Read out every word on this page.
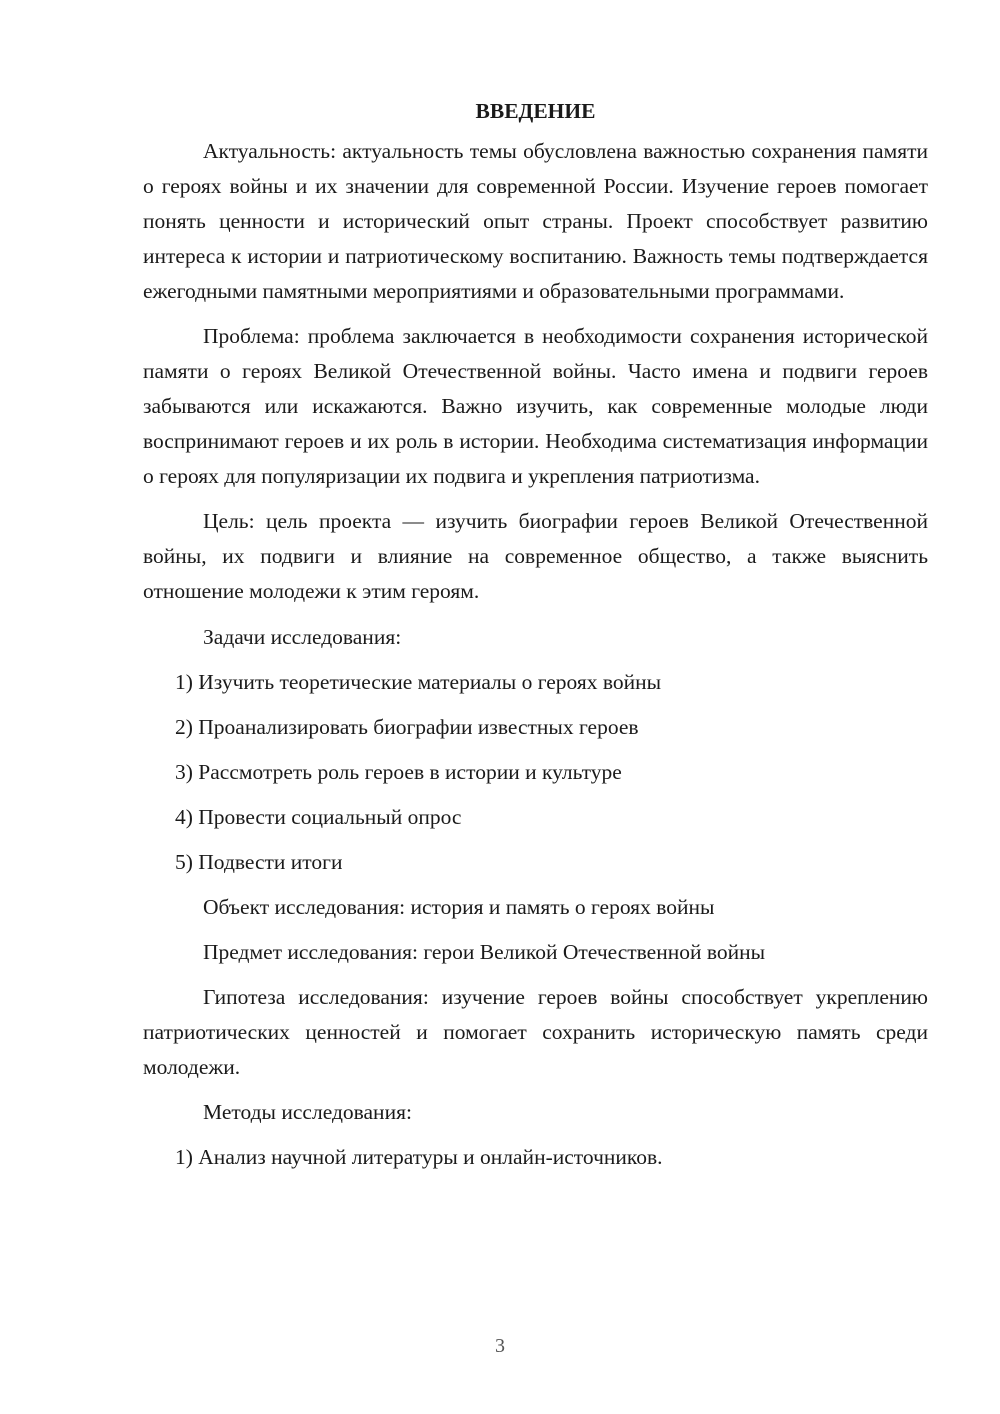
ВВЕДЕНИЕ

Актуальность: актуальность темы обусловлена важностью сохранения памяти о героях войны и их значении для современной России. Изучение героев помогает понять ценности и исторический опыт страны. Проект способствует развитию интереса к истории и патриотическому воспитанию. Важность темы подтверждается ежегодными памятными мероприятиями и образовательными программами.

Проблема: проблема заключается в необходимости сохранения исторической памяти о героях Великой Отечественной войны. Часто имена и подвиги героев забываются или искажаются. Важно изучить, как современные молодые люди воспринимают героев и их роль в истории. Необходима систематизация информации о героях для популяризации их подвига и укрепления патриотизма.

Цель: цель проекта — изучить биографии героев Великой Отечественной войны, их подвиги и влияние на современное общество, а также выяснить отношение молодежи к этим героям.

Задачи исследования:
1) Изучить теоретические материалы о героях войны
2) Проанализировать биографии известных героев
3) Рассмотреть роль героев в истории и культуре
4) Провести социальный опрос
5) Подвести итоги
Объект исследования: история и память о героях войны
Предмет исследования: герои Великой Отечественной войны

Гипотеза исследования: изучение героев войны способствует укреплению патриотических ценностей и помогает сохранить историческую память среди молодежи.

Методы исследования:
1) Анализ научной литературы и онлайн-источников.
3
